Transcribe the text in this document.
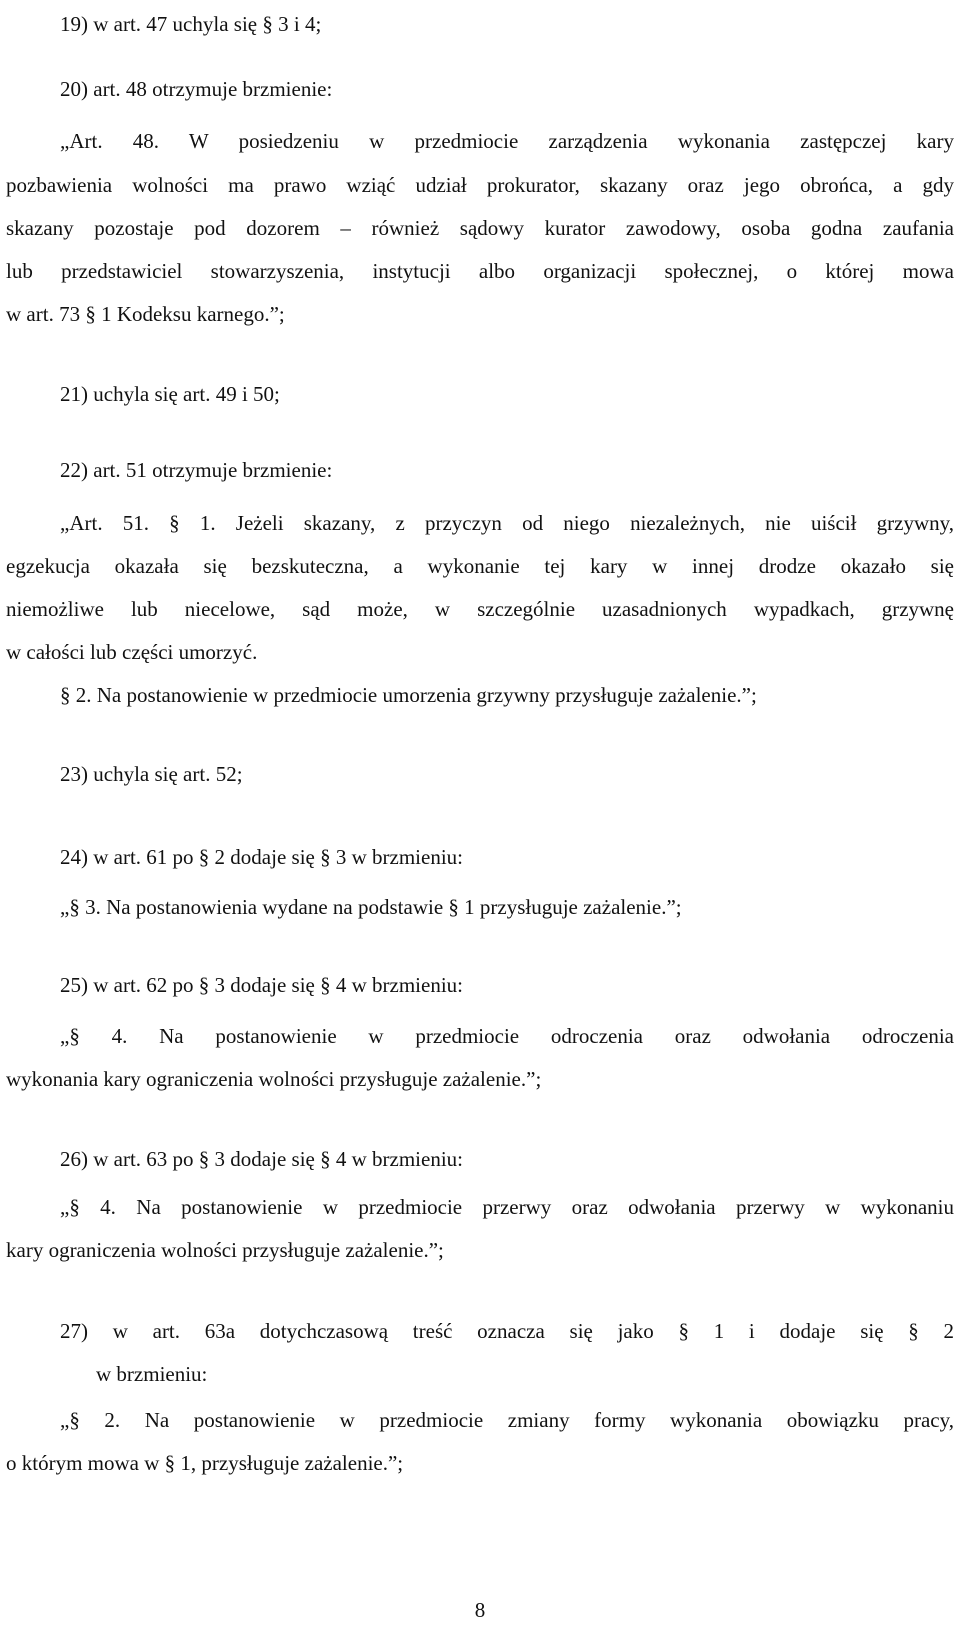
19) w art. 47 uchyla się § 3 i 4;
20) art. 48 otrzymuje brzmienie:
„Art. 48. W posiedzeniu w przedmiocie zarządzenia wykonania zastępczej kary
pozbawienia wolności ma prawo wziąć udział prokurator, skazany oraz jego obrońca, a gdy
skazany pozostaje pod dozorem – również sądowy kurator zawodowy, osoba godna zaufania
lub przedstawiciel stowarzyszenia, instytucji albo organizacji społecznej, o której mowa
w art. 73 § 1 Kodeksu karnego.”;
21) uchyla się art. 49 i 50;
22) art. 51 otrzymuje brzmienie:
„Art. 51. § 1. Jeżeli skazany, z przyczyn od niego niezależnych, nie uiścił grzywny,
egzekucja okazała się bezskuteczna, a wykonanie tej kary w innej drodze okazało się
niemożliwe lub niecelowe, sąd może, w szczególnie uzasadnionych wypadkach, grzywnę
w całości lub części umorzyć.
§ 2. Na postanowienie w przedmiocie umorzenia grzywny przysługuje zażalenie.”;
23) uchyla się art. 52;
24) w art. 61 po § 2 dodaje się § 3 w brzmieniu:
„§ 3. Na postanowienia wydane na podstawie § 1 przysługuje zażalenie.”;
25) w art. 62 po § 3 dodaje się § 4 w brzmieniu:
„§ 4. Na postanowienie w przedmiocie odroczenia oraz odwołania odroczenia
wykonania kary ograniczenia wolności przysługuje zażalenie.”;
26) w art. 63 po § 3 dodaje się § 4 w brzmieniu:
„§ 4. Na postanowienie w przedmiocie przerwy oraz odwołania przerwy w wykonaniu
kary ograniczenia wolności przysługuje zażalenie.”;
27) w art. 63a dotychczasową treść oznacza się jako § 1 i dodaje się § 2
w brzmieniu:
„§ 2. Na postanowienie w przedmiocie zmiany formy wykonania obowiązku pracy,
o którym mowa w § 1, przysługuje zażalenie.”;
8
